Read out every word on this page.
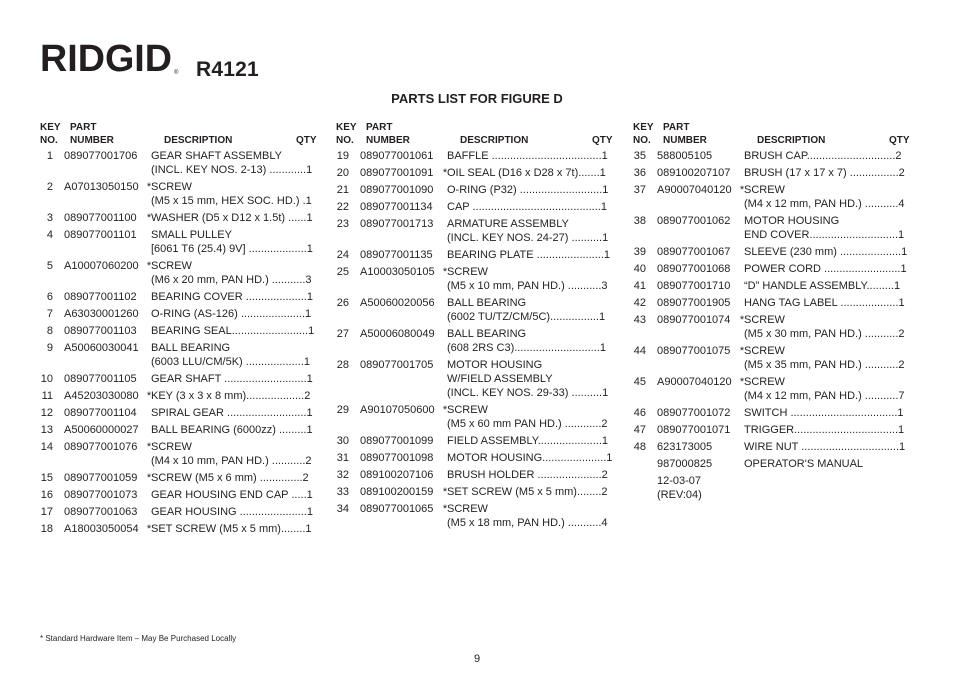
RIDGID ® R4121
PARTS LIST FOR FIGURE D
KEY
NO.
PART
NUMBER	DESCRIPTION	QTY
1 089077001706 GEAR SHAFT ASSEMBLY
(INCL. KEY NOS. 2-13) ............1
2 A07013050150 * SCREW
(M5 x 15 mm, HEX SOC. HD.) .1
3 089077001100 * WASHER (D5 x D12 x 1.5t) ......1
4 089077001101 SMALL PULLEY
[6061 T6 (25.4) 9V] ...................1
5 A10007060200 * SCREW
(M6 x 20 mm, PAN HD.) ...........3
6 089077001102 BEARING COVER ....................1
7 A63030001260 O-RING (AS-126) .....................1
8 089077001103 BEARING SEAL.........................1
9 A50060030041 BALL BEARING
(6003 LLU/CM/5K) ...................1
10 089077001105 GEAR SHAFT ...........................1
11 A45203030080 * KEY (3 x 3 x 8 mm)...................2
12 089077001104 SPIRAL GEAR ..........................1
13 A50060000027 BALL BEARING (6000zz) .........1
14 089077001076 * SCREW
(M4 x 10 mm, PAN HD.) ...........2
15 089077001059 * SCREW (M5 x 6 mm) ..............2
16 089077001073 GEAR HOUSING END CAP .....1
17 089077001063 GEAR HOUSING ......................1
18 A18003050054 * SET SCREW (M5 x 5 mm)........1
KEY
NO.
PART
NUMBER	DESCRIPTION	QTY
19 089077001061 BAFFLE ....................................1
20 089077001091 * OIL SEAL (D16 x D28 x 7t).......1
21 089077001090 O-RING (P32) ...........................1
22 089077001134 CAP ..........................................1
23 089077001713 ARMATURE ASSEMBLY
(INCL. KEY NOS. 24-27) ..........1
24 089077001135 BEARING PLATE ......................1
25 A10003050105 * SCREW
(M5 x 10 mm, PAN HD.) ...........3
26 A50060020056 BALL BEARING
(6002 TU/TZ/CM/5C)................1
27 A50006080049 BALL BEARING
(608 2RS C3)............................1
28 089077001705 MOTOR HOUSING
W/FIELD ASSEMBLY
(INCL. KEY NOS. 29-33) ..........1
29 A90107050600 * SCREW
(M5 x 60 mm PAN HD.) ............2
30 089077001099 FIELD ASSEMBLY.....................1
31 089077001098 MOTOR HOUSING.....................1
32 089100207106 BRUSH HOLDER .....................2
33 089100200159 * SET SCREW (M5 x 5 mm)........2
34 089077001065 * SCREW
(M5 x 18 mm, PAN HD.) ...........4
KEY
NO.
PART
NUMBER	DESCRIPTION	QTY
35 588005105	BRUSH CAP.............................2
36 089100207107 BRUSH (17 x 17 x 7) ................2
37 A90007040120 * SCREW
(M4 x 12 mm, PAN HD.) ...........4
38 089077001062 MOTOR HOUSING
END COVER.............................1
39 089077001067 SLEEVE (230 mm) ....................1
40 089077001068 POWER CORD .........................1
41 089077001710 “D” HANDLE ASSEMBLY.........1
42 089077001905 HANG TAG LABEL ...................1
43 089077001074 * SCREW
(M5 x 30 mm, PAN HD.) ...........2
44 089077001075 * SCREW
(M5 x 35 mm, PAN HD.) ...........2
45 A90007040120 * SCREW
(M4 x 12 mm, PAN HD.) ...........7
46 089077001072 SWITCH ...................................1
47 089077001071 TRIGGER..................................1
48 623173005	WIRE NUT ................................1
987000825	OPERATOR'S MANUAL
12-03-07
(REV:04)
* Standard Hardware Item – May Be Purchased Locally
9
